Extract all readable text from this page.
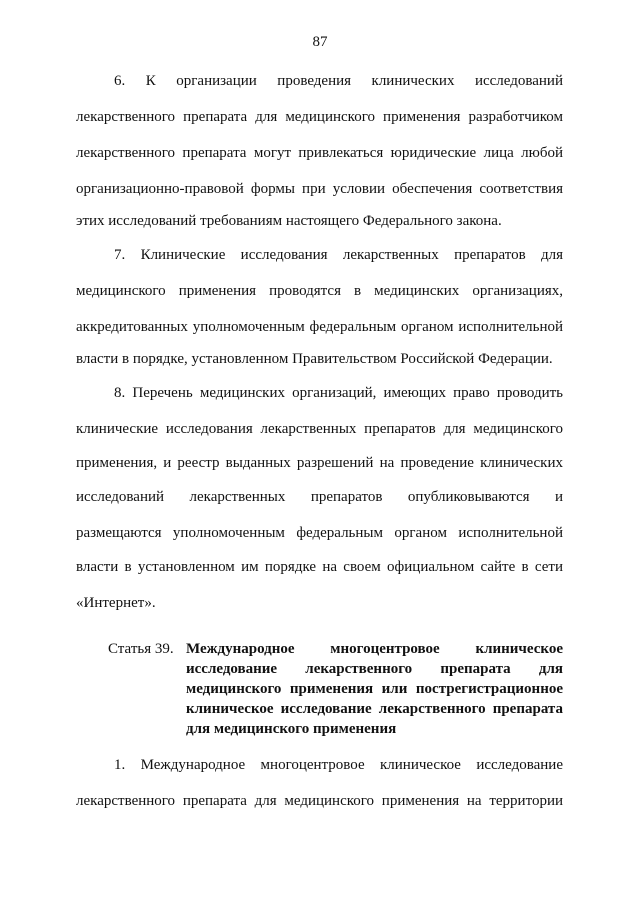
87
6. К организации проведения клинических исследований
лекарственного препарата для медицинского применения разработчиком
лекарственного препарата могут привлекаться юридические лица любой
организационно-правовой формы при условии обеспечения соответствия
этих исследований требованиям настоящего Федерального закона.
7. Клинические исследования лекарственных препаратов для
медицинского применения проводятся в медицинских организациях,
аккредитованных уполномоченным федеральным органом исполнительной
власти в порядке, установленном Правительством Российской Федерации.
8. Перечень медицинских организаций, имеющих право проводить
клинические исследования лекарственных препаратов для медицинского
применения, и реестр выданных разрешений на проведение клинических
исследований лекарственных препаратов опубликовываются и
размещаются уполномоченным федеральным органом исполнительной
власти в установленном им порядке на своем официальном сайте в сети
«Интернет».
Статья 39. Международное многоцентровое клиническое
исследование лекарственного препарата для
медицинского применения или пострегистрационное
клиническое исследование лекарственного препарата
для медицинского применения
1. Международное многоцентровое клиническое исследование
лекарственного препарата для медицинского применения на территории
